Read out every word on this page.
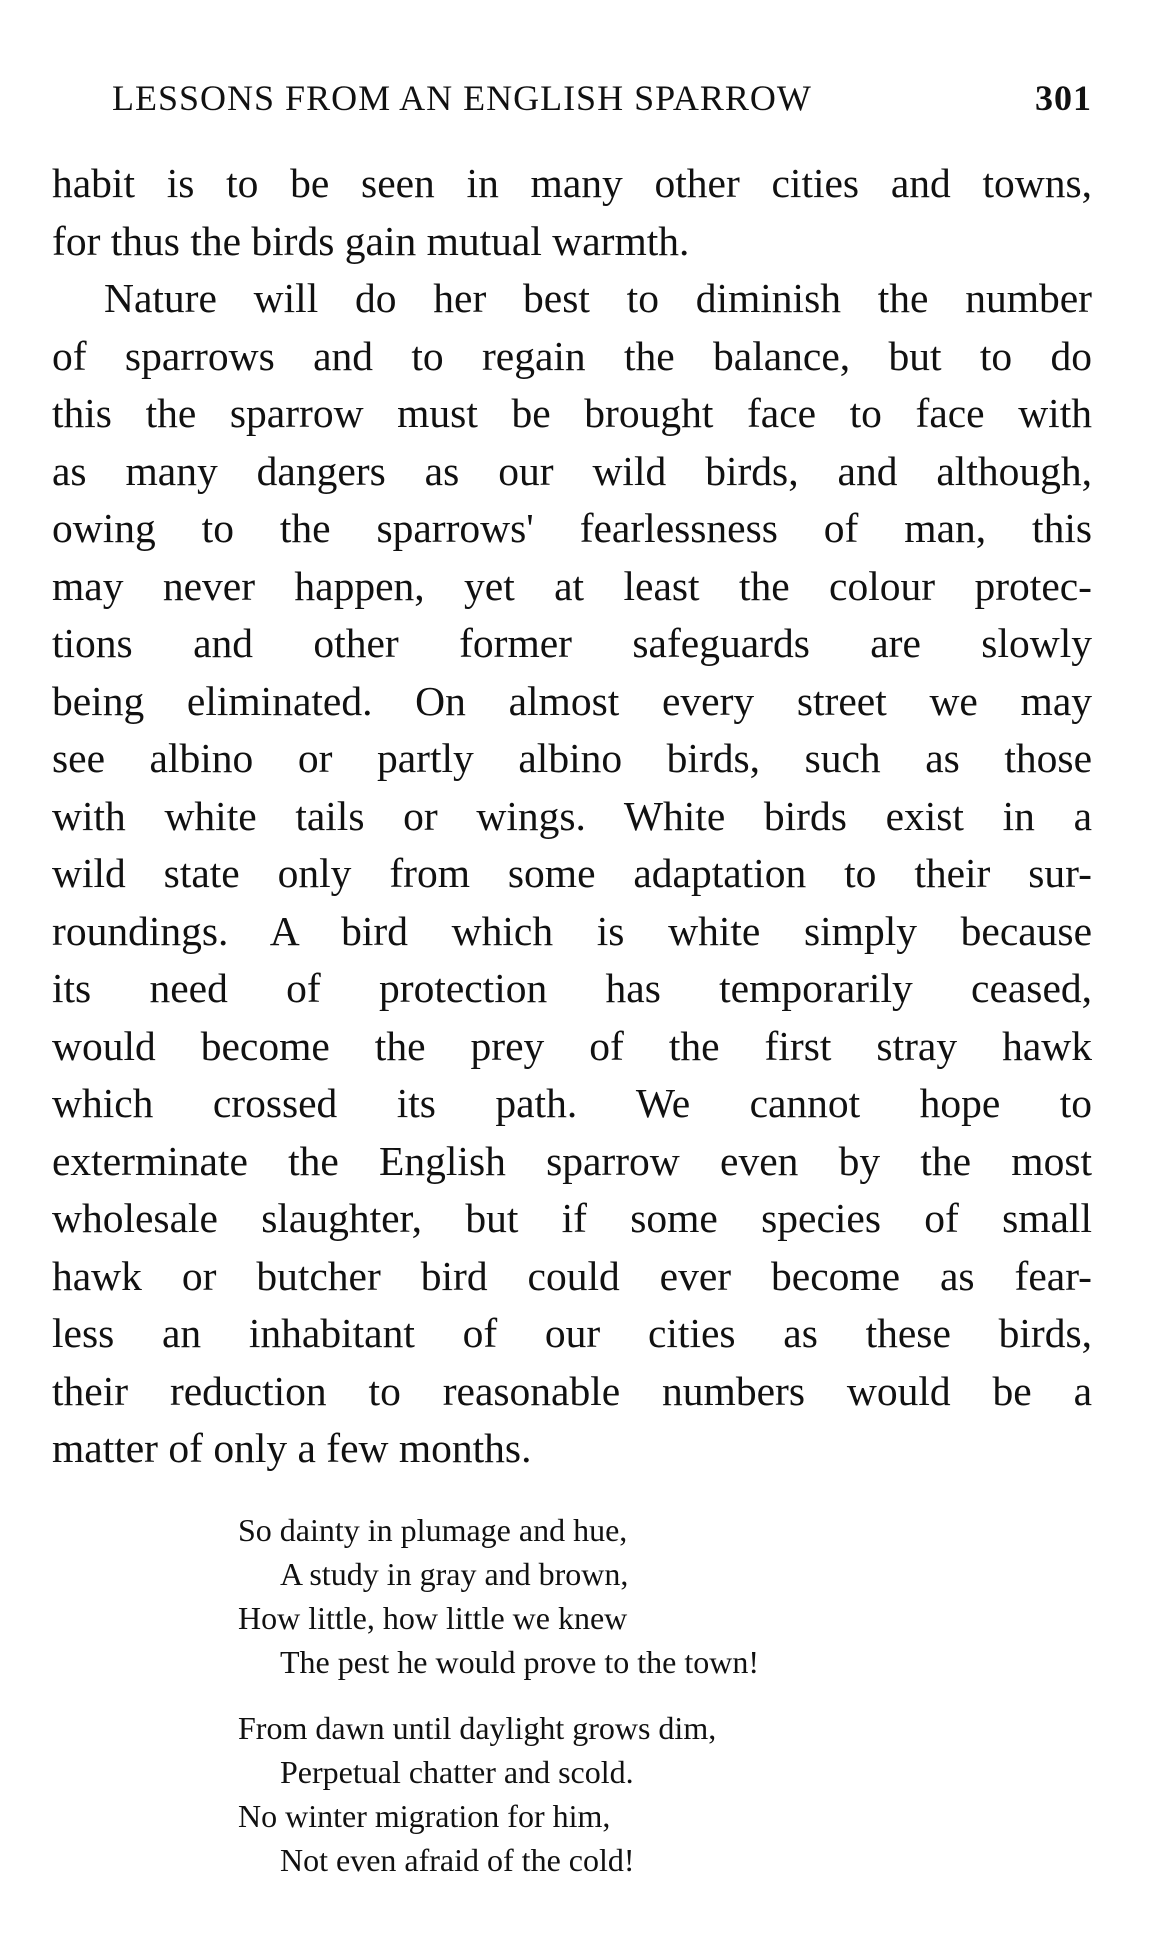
LESSONS FROM AN ENGLISH SPARROW	301
habit is to be seen in many other cities and towns,
for thus the birds gain mutual warmth.
Nature will do her best to diminish the number
of sparrows and to regain the balance, but to do
this the sparrow must be brought face to face with
as many dangers as our wild birds, and although,
owing to the sparrows' fearlessness of man, this
may never happen, yet at least the colour protec-
tions and other former safeguards are slowly
being eliminated. On almost every street we may
see albino or partly albino birds, such as those
with white tails or wings. White birds exist in a
wild state only from some adaptation to their sur-
roundings. A bird which is white simply because
its need of protection has temporarily ceased,
would become the prey of the first stray hawk
which crossed its path. We cannot hope to
exterminate the English sparrow even by the most
wholesale slaughter, but if some species of small
hawk or butcher bird could ever become as fear-
less an inhabitant of our cities as these birds,
their reduction to reasonable numbers would be a
matter of only a few months.
So dainty in plumage and hue,
A study in gray and brown,
How little, how little we knew
The pest he would prove to the town!
From dawn until daylight grows dim,
Perpetual chatter and scold.
No winter migration for him,
Not even afraid of the cold!
